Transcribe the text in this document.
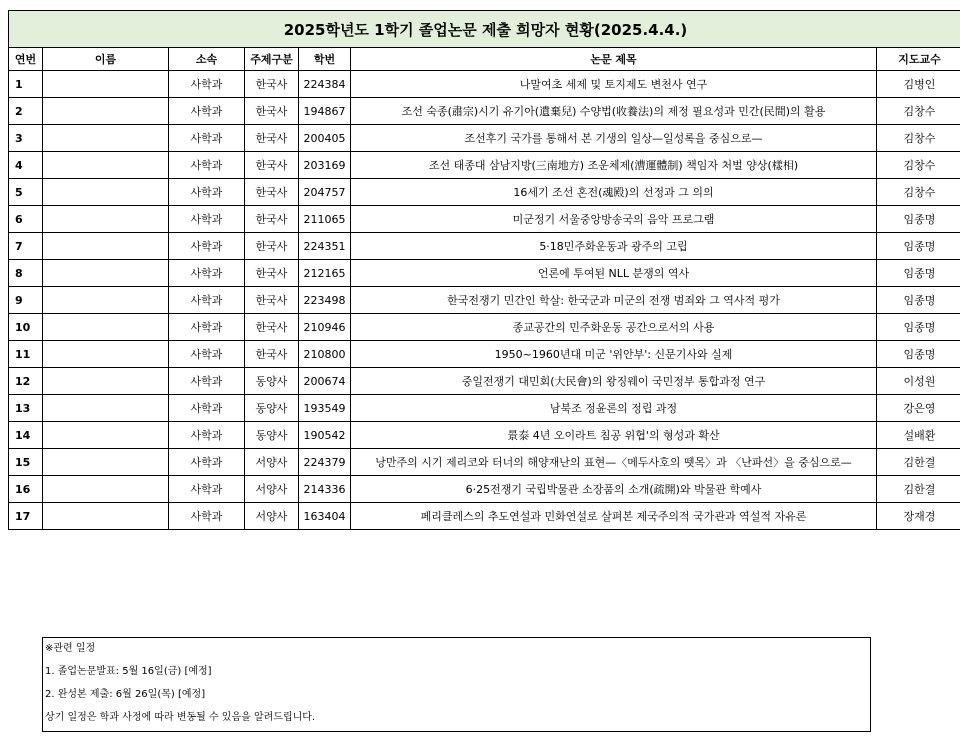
2025학년도 1학기 졸업논문 제출 희망자 현황(2025.4.4.)						
연번	이름	소속	주제구분	학번	논문 제목	지도교수
1		사학과	한국사	224384	나말여초 세제 및 토지제도 변천사 연구	김병인
2		사학과	한국사	194867	조선 숙종(肅宗)시기 유기아(遺棄兒) 수양법(收養法)의 제정 필요성과 민간(民間)의 활용	김창수
3		사학과	한국사	200405	조선후기 국가를 통해서 본 기생의 일상—일성록을 중심으로—	김창수
4		사학과	한국사	203169	조선 태종대 삼남지방(三南地方) 조운체제(漕運體制) 책임자 처벌 양상(樣相)	김창수
5		사학과	한국사	204757	16세기 조선 혼전(魂殿)의 선정과 그 의의	김창수
6		사학과	한국사	211065	미군정기 서울중앙방송국의 음악 프로그램	임종명
7		사학과	한국사	224351	5·18민주화운동과 광주의 고립	임종명
8		사학과	한국사	212165	언론에 투여된 NLL 분쟁의 역사	임종명
9		사학과	한국사	223498	한국전쟁기 민간인 학살: 한국군과 미군의 전쟁 범죄와 그 역사적 평가	임종명
10		사학과	한국사	210946	종교공간의 민주화운동 공간으로서의 사용	임종명
11		사학과	한국사	210800	1950~1960년대 미군 '위안부': 신문기사와 실제	임종명
12		사학과	동양사	200674	중일전쟁기 대민회(大民會)의 왕징웨이 국민정부 통합과정 연구	이성원
13		사학과	동양사	193549	남북조 정윤론의 정립 과정	강은영
14		사학과	동양사	190542	景泰 4년 오이라트 침공 위협'의 형성과 확산	설배환
15		사학과	서양사	224379	낭만주의 시기 제리코와 터너의 해양재난의 표현—〈메두사호의 뗏목〉과 〈난파선〉을 중심으로—	김한결
16		사학과	서양사	214336	6·25전쟁기 국립박물관 소장품의 소개(疏開)와 박물관 학예사	김한결
17		사학과	서양사	163404	페리클레스의 추도연설과 민화연설로 살펴본 제국주의적 국가관과 역설적 자유론	장재경
※관련 일정
1. 졸업논문발표: 5월 16일(금) [예정]
2. 완성본 제출: 6월 26일(목) [예정]
상기 일정은 학과 사정에 따라 변동될 수 있음을 알려드립니다.
